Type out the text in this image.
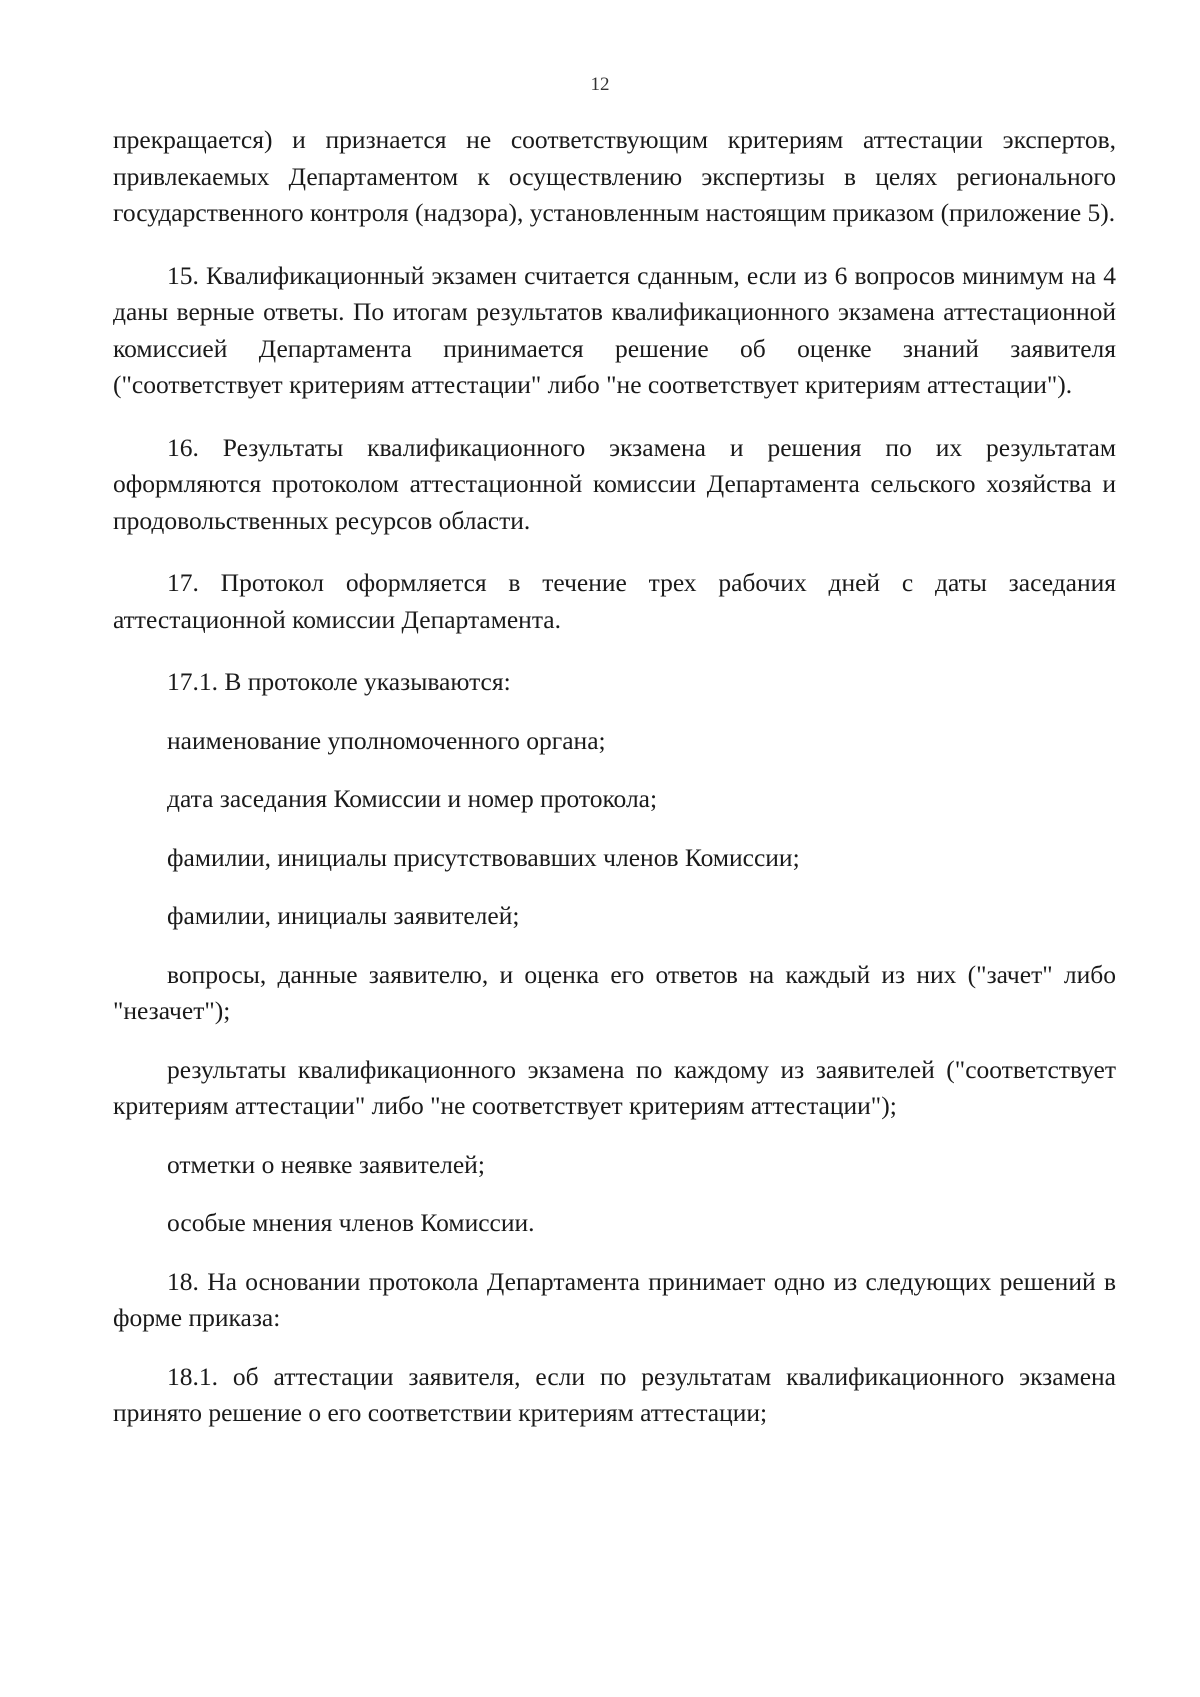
12

прекращается) и признается не соответствующим критериям аттестации экспертов, привлекаемых Департаментом к осуществлению экспертизы в целях регионального государственного контроля (надзора), установленным настоящим приказом (приложение 5).

15. Квалификационный экзамен считается сданным, если из 6 вопросов минимум на 4 даны верные ответы. По итогам результатов квалификационного экзамена аттестационной комиссией Департамента принимается решение об оценке знаний заявителя ("соответствует критериям аттестации" либо "не соответствует критериям аттестации").

16. Результаты квалификационного экзамена и решения по их результатам оформляются протоколом аттестационной комиссии Департамента сельского хозяйства и продовольственных ресурсов области.

17. Протокол оформляется в течение трех рабочих дней с даты заседания аттестационной комиссии Департамента.

17.1. В протоколе указываются:

наименование уполномоченного органа;

дата заседания Комиссии и номер протокола;

фамилии, инициалы присутствовавших членов Комиссии;

фамилии, инициалы заявителей;

вопросы, данные заявителю, и оценка его ответов на каждый из них ("зачет" либо "незачет");

результаты квалификационного экзамена по каждому из заявителей ("соответствует критериям аттестации" либо "не соответствует критериям аттестации");

отметки о неявке заявителей;

особые мнения членов Комиссии.

18. На основании протокола Департамента принимает одно из следующих решений в форме приказа:

18.1. об аттестации заявителя, если по результатам квалификационного экзамена принято решение о его соответствии критериям аттестации;
